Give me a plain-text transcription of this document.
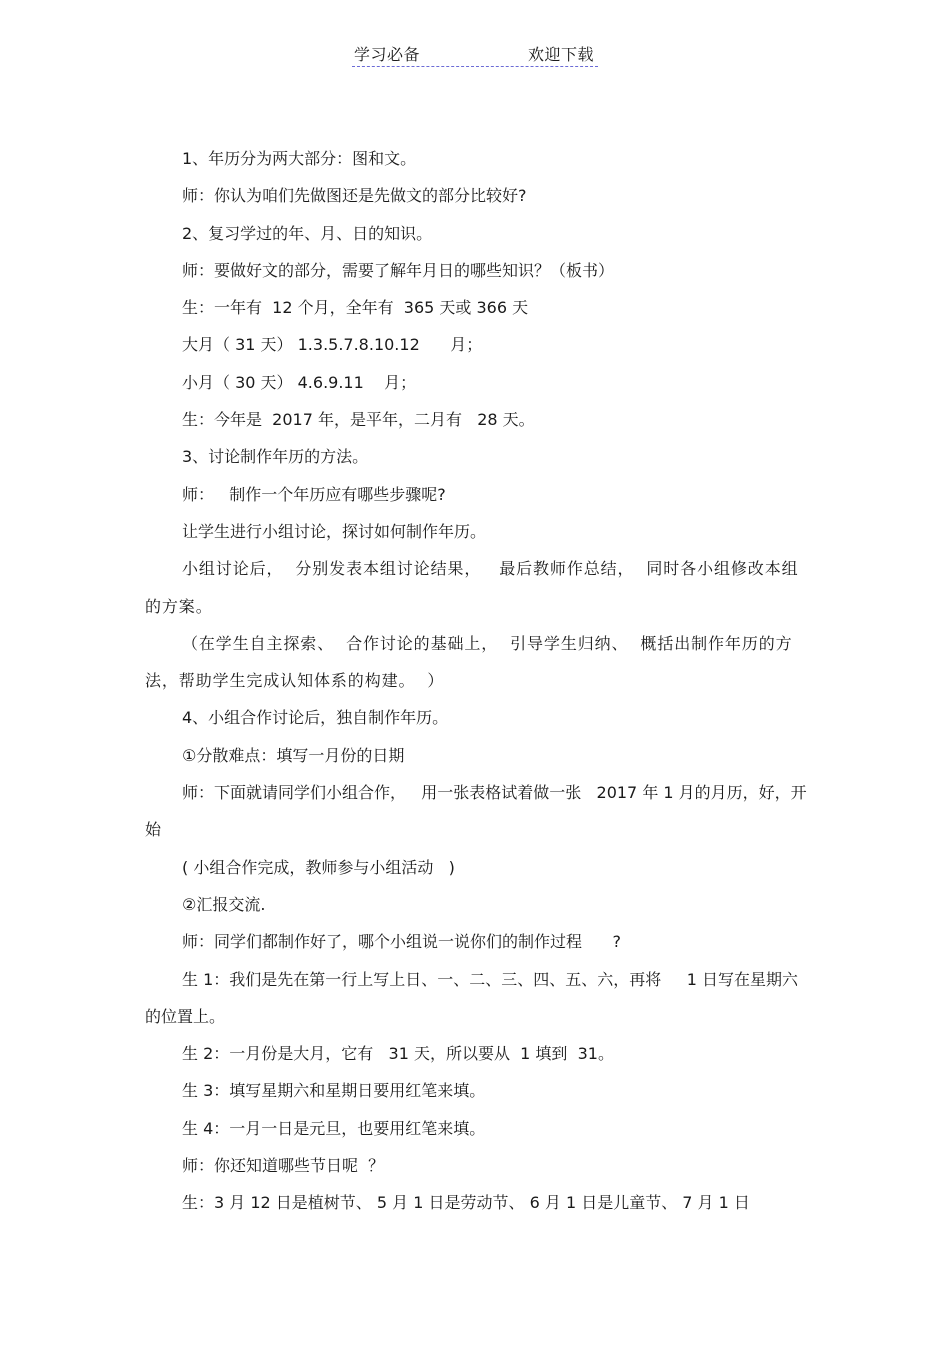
学习必备	欢迎下载

1、年历分为两大部分：图和文。

师：你认为咱们先做图还是先做文的部分比较好?

2、复习学过的年、月、日的知识。

师：要做好文的部分，需要了解年月日的哪些知识？（板书）

生：一年有  12 个月，全年有  365 天或 366 天

大月（ 31 天） 1.3.5.7.8.10.12      月；

小月（ 30 天） 4.6.9.11    月；

生：今年是  2017 年，是平年，二月有   28 天。

3、讨论制作年历的方法。

师：   制作一个年历应有哪些步骤呢?

让学生进行小组讨论，探讨如何制作年历。

小组讨论后，  分别发表本组讨论结果，   最后教师作总结，  同时各小组修改本组的方案。

（在学生自主探索、  合作讨论的基础上，  引导学生归纳、  概括出制作年历的方法，帮助学生完成认知体系的构建。  ）

4、小组合作讨论后，独自制作年历。

①分散难点：填写一月份的日期

师：下面就请同学们小组合作，   用一张表格试着做一张   2017 年 1 月的月历，好，开始

( 小组合作完成，教师参与小组活动   )

②汇报交流.

师：同学们都制作好了，哪个小组说一说你们的制作过程      ?

生 1：我们是先在第一行上写上日、一、二、三、四、五、六，再将     1 日写在星期六的位置上。

生 2：一月份是大月，它有   31 天，所以要从  1 填到  31。

生 3：填写星期六和星期日要用红笔来填。

生 4：一月一日是元旦，也要用红笔来填。

师：你还知道哪些节日呢  ？

生：3 月 12 日是植树节、 5 月 1 日是劳动节、 6 月 1 日是儿童节、 7 月 1 日
